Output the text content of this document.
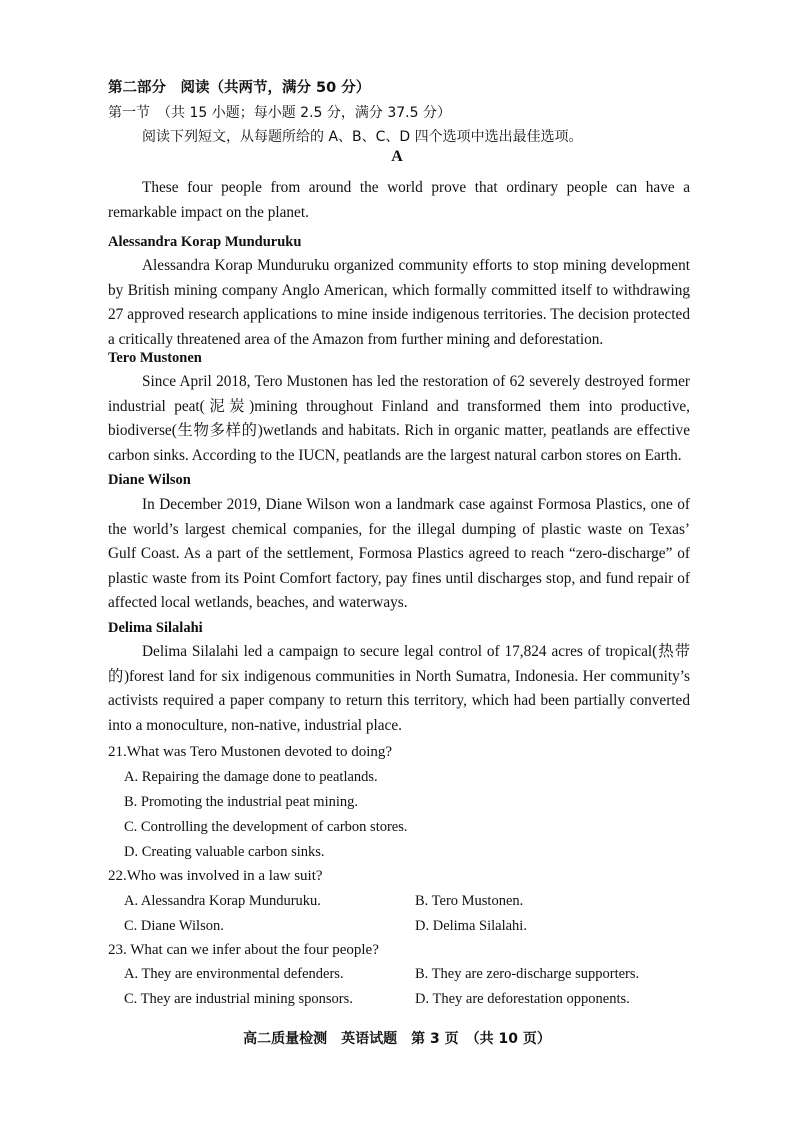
第二部分　阅读（共两节，满分 50 分）
第一节　（共 15 小题；每小题 2.5 分，满分 37.5 分）
阅读下列短文，从每题所给的 A、B、C、D 四个选项中选出最佳选项。
A

These four people from around the world prove that ordinary people can have a remarkable impact on the planet.

Alessandra Korap Munduruku

Alessandra Korap Munduruku organized community efforts to stop mining development by British mining company Anglo American, which formally committed itself to withdrawing 27 approved research applications to mine inside indigenous territories. The decision protected a critically threatened area of the Amazon from further mining and deforestation.

Tero Mustonen

Since April 2018, Tero Mustonen has led the restoration of 62 severely destroyed former industrial peat(泥炭)mining throughout Finland and transformed them into productive, biodiverse(生物多样的)wetlands and habitats. Rich in organic matter, peatlands are effective carbon sinks. According to the IUCN, peatlands are the largest natural carbon stores on Earth.

Diane Wilson

In December 2019, Diane Wilson won a landmark case against Formosa Plastics, one of the world’s largest chemical companies, for the illegal dumping of plastic waste on Texas’ Gulf Coast. As a part of the settlement, Formosa Plastics agreed to reach “zero-discharge” of plastic waste from its Point Comfort factory, pay fines until discharges stop, and fund repair of affected local wetlands, beaches, and waterways.

Delima Silalahi

Delima Silalahi led a campaign to secure legal control of 17,824 acres of tropical(热带的)forest land for six indigenous communities in North Sumatra, Indonesia. Her community’s activists required a paper company to return this territory, which had been partially converted into a monoculture, non-native, industrial place.

21.What was Tero Mustonen devoted to doing?
A. Repairing the damage done to peatlands.
B. Promoting the industrial peat mining.
C. Controlling the development of carbon stores.
D. Creating valuable carbon sinks.
22.Who was involved in a law suit?
A. Alessandra Korap Munduruku.	B. Tero Mustonen.
C. Diane Wilson.	D. Delima Silalahi.
23. What can we infer about the four people?
A. They are environmental defenders.	B. They are zero-discharge supporters.
C. They are industrial mining sponsors.	D. They are deforestation opponents.
高二质量检测　英语试题　第 3 页　（共 10 页）
